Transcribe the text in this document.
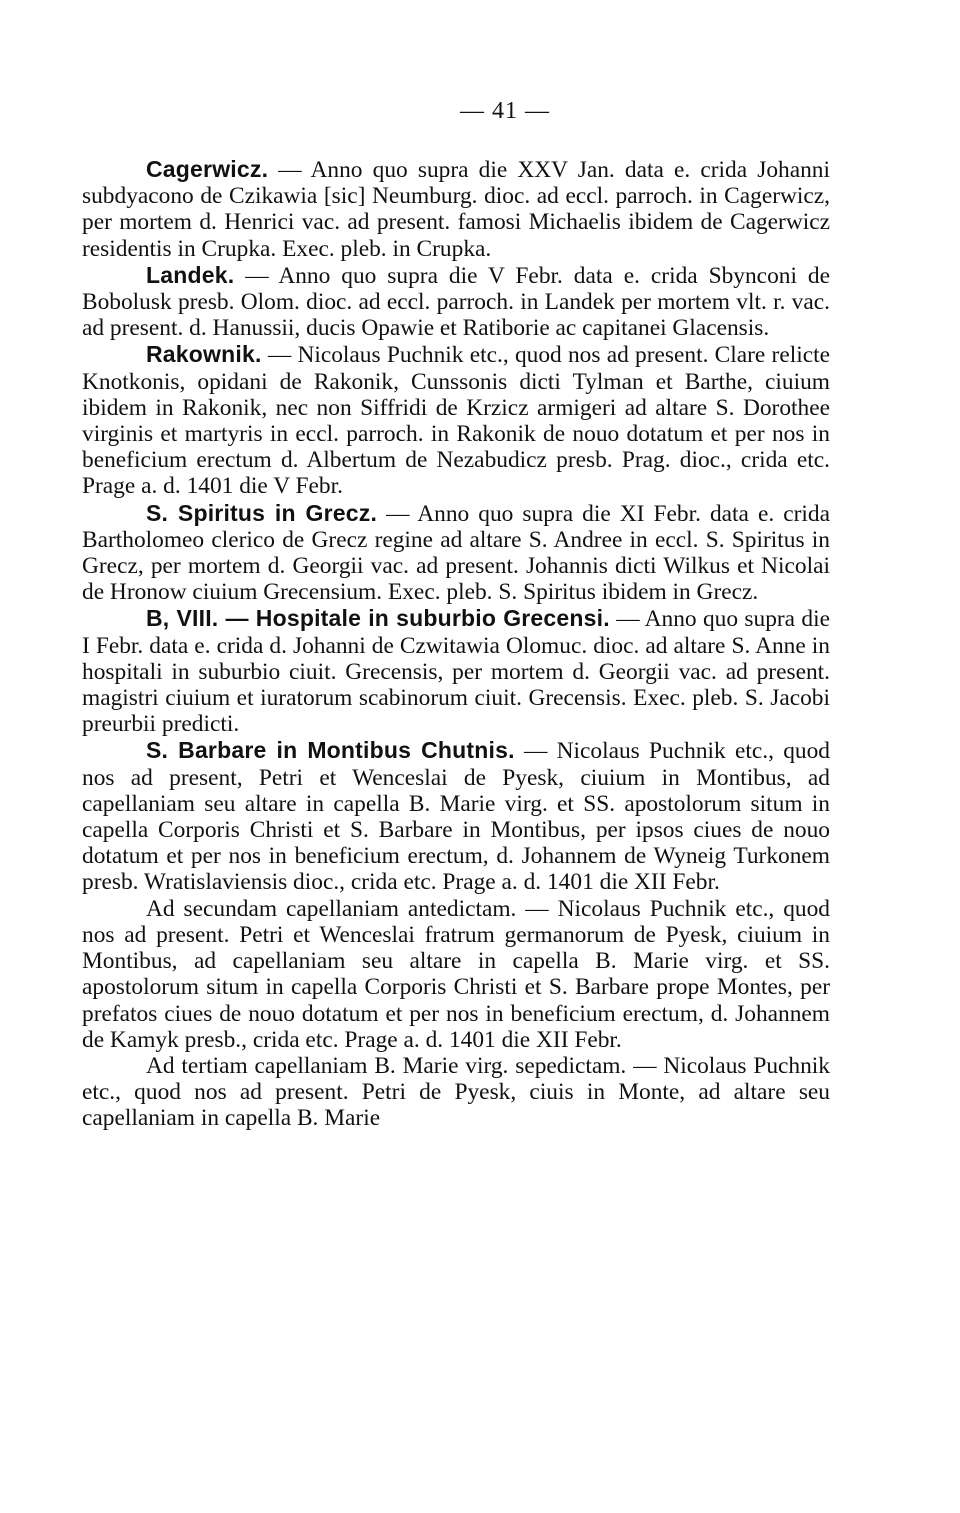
— 41 —

Cagerwicz. — Anno quo supra die XXV Jan. data e. crida Johanni subdyacono de Czikawia [sic] Neumburg. dioc. ad eccl. parroch. in Cagerwicz, per mortem d. Henrici vac. ad present. famosi Michaelis ibidem de Cagerwicz residentis in Crupka. Exec. pleb. in Crupka.

Landek. — Anno quo supra die V Febr. data e. crida Sbynconi de Bobolusk presb. Olom. dioc. ad eccl. parroch. in Landek per mortem vlt. r. vac. ad present. d. Hanussii, ducis Opawie et Ratiborie ac capitanei Glacensis.

Rakownik. — Nicolaus Puchnik etc., quod nos ad present. Clare relicte Knotkonis, opidani de Rakonik, Cunssonis dicti Tylman et Barthe, ciuium ibidem in Rakonik, nec non Siffridi de Krzicz armigeri ad altare S. Dorothee virginis et martyris in eccl. parroch. in Rakonik de nouo dotatum et per nos in beneficium erectum d. Albertum de Nezabudicz presb. Prag. dioc., crida etc. Prage a. d. 1401 die V Febr.

S. Spiritus in Grecz. — Anno quo supra die XI Febr. data e. crida Bartholomeo clerico de Grecz regine ad altare S. Andree in eccl. S. Spiritus in Grecz, per mortem d. Georgii vac. ad present. Johannis dicti Wilkus et Nicolai de Hronow ciuium Grecensium. Exec. pleb. S. Spiritus ibidem in Grecz.

B, VIII. — Hospitale in suburbio Grecensi. — Anno quo supra die I Febr. data e. crida d. Johanni de Czwitawia Olomuc. dioc. ad altare S. Anne in hospitali in suburbio ciuit. Grecensis, per mortem d. Georgii vac. ad present. magistri ciuium et iuratorum scabinorum ciuit. Grecensis. Exec. pleb. S. Jacobi preurbii predicti.

S. Barbare in Montibus Chutnis. — Nicolaus Puchnik etc., quod nos ad present, Petri et Wenceslai de Pyesk, ciuium in Montibus, ad capellaniam seu altare in capella B. Marie virg. et SS. apostolorum situm in capella Corporis Christi et S. Barbare in Montibus, per ipsos ciues de nouo dotatum et per nos in beneficium erectum, d. Johannem de Wyneig Turkonem presb. Wratislaviensis dioc., crida etc. Prage a. d. 1401 die XII Febr.

Ad secundam capellaniam antedictam. — Nicolaus Puchnik etc., quod nos ad present. Petri et Wenceslai fratrum germanorum de Pyesk, ciuium in Montibus, ad capellaniam seu altare in capella B. Marie virg. et SS. apostolorum situm in capella Corporis Christi et S. Barbare prope Montes, per prefatos ciues de nouo dotatum et per nos in beneficium erectum, d. Johannem de Kamyk presb., crida etc. Prage a. d. 1401 die XII Febr.

Ad tertiam capellaniam B. Marie virg. sepedictam. — Nicolaus Puchnik etc., quod nos ad present. Petri de Pyesk, ciuis in Monte, ad altare seu capellaniam in capella B. Marie
